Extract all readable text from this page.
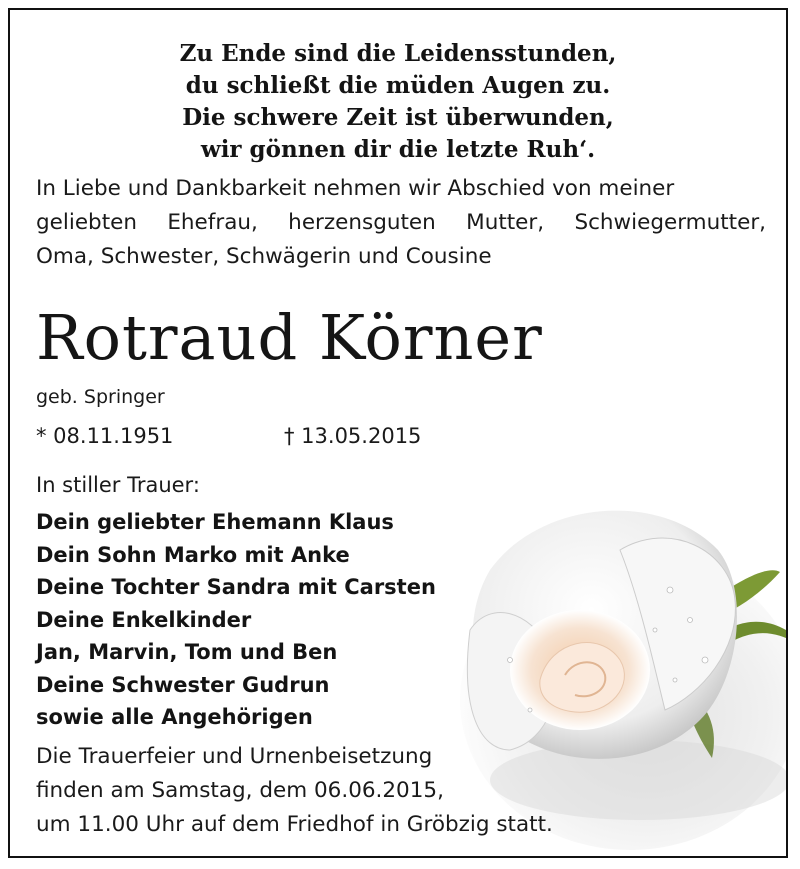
Zu Ende sind die Leidensstunden,
du schließt die müden Augen zu.
Die schwere Zeit ist überwunden,
wir gönnen dir die letzte Ruh‘.
In Liebe und Dankbarkeit nehmen wir Abschied von meiner
geliebten Ehefrau, herzensguten Mutter, Schwiegermutter,
Oma, Schwester, Schwägerin und Cousine
Rotraud Körner
geb. Springer
* 08.11.1951	† 13.05.2015
In stiller Trauer:
Dein geliebter Ehemann Klaus
Dein Sohn Marko mit Anke
Deine Tochter Sandra mit Carsten
Deine Enkelkinder
Jan, Marvin, Tom und Ben
Deine Schwester Gudrun
sowie alle Angehörigen
Die Trauerfeier und Urnenbeisetzung
finden am Samstag, dem 06.06.2015,
um 11.00 Uhr auf dem Friedhof in Gröbzig statt.
